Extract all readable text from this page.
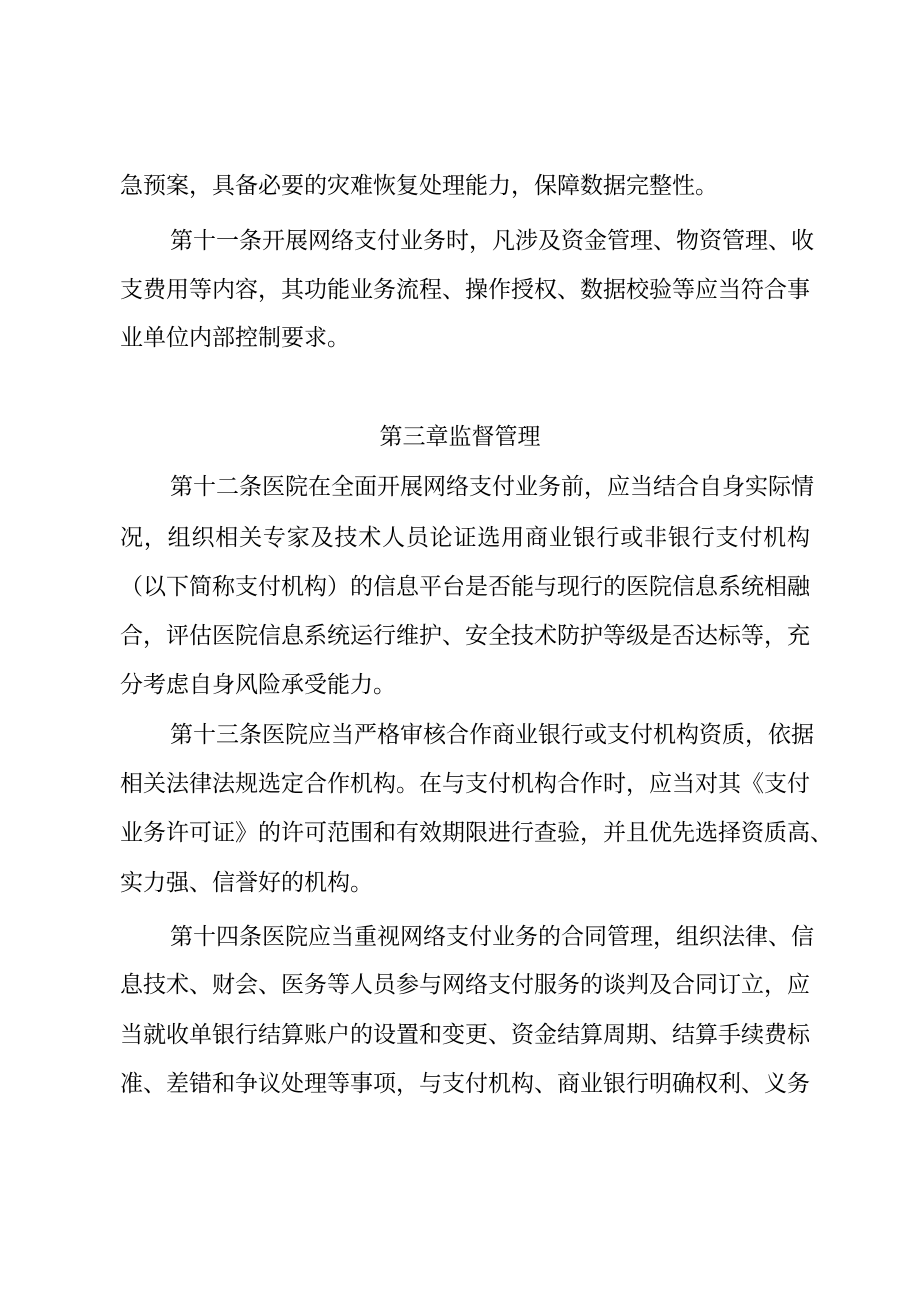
急预案，具备必要的灾难恢复处理能力，保障数据完整性。
第十一条开展网络支付业务时，凡涉及资金管理、物资管理、收
支费用等内容，其功能业务流程、操作授权、数据校验等应当符合事
业单位内部控制要求。
第三章监督管理
第十二条医院在全面开展网络支付业务前，应当结合自身实际情
况，组织相关专家及技术人员论证选用商业银行或非银行支付机构
（以下简称支付机构）的信息平台是否能与现行的医院信息系统相融
合，评估医院信息系统运行维护、安全技术防护等级是否达标等，充
分考虑自身风险承受能力。
第十三条医院应当严格审核合作商业银行或支付机构资质，依据
相关法律法规选定合作机构。在与支付机构合作时，应当对其《支付
业务许可证》的许可范围和有效期限进行查验，并且优先选择资质高、
实力强、信誉好的机构。
第十四条医院应当重视网络支付业务的合同管理，组织法律、信
息技术、财会、医务等人员参与网络支付服务的谈判及合同订立，应
当就收单银行结算账户的设置和变更、资金结算周期、结算手续费标
准、差错和争议处理等事项，与支付机构、商业银行明确权利、义务
